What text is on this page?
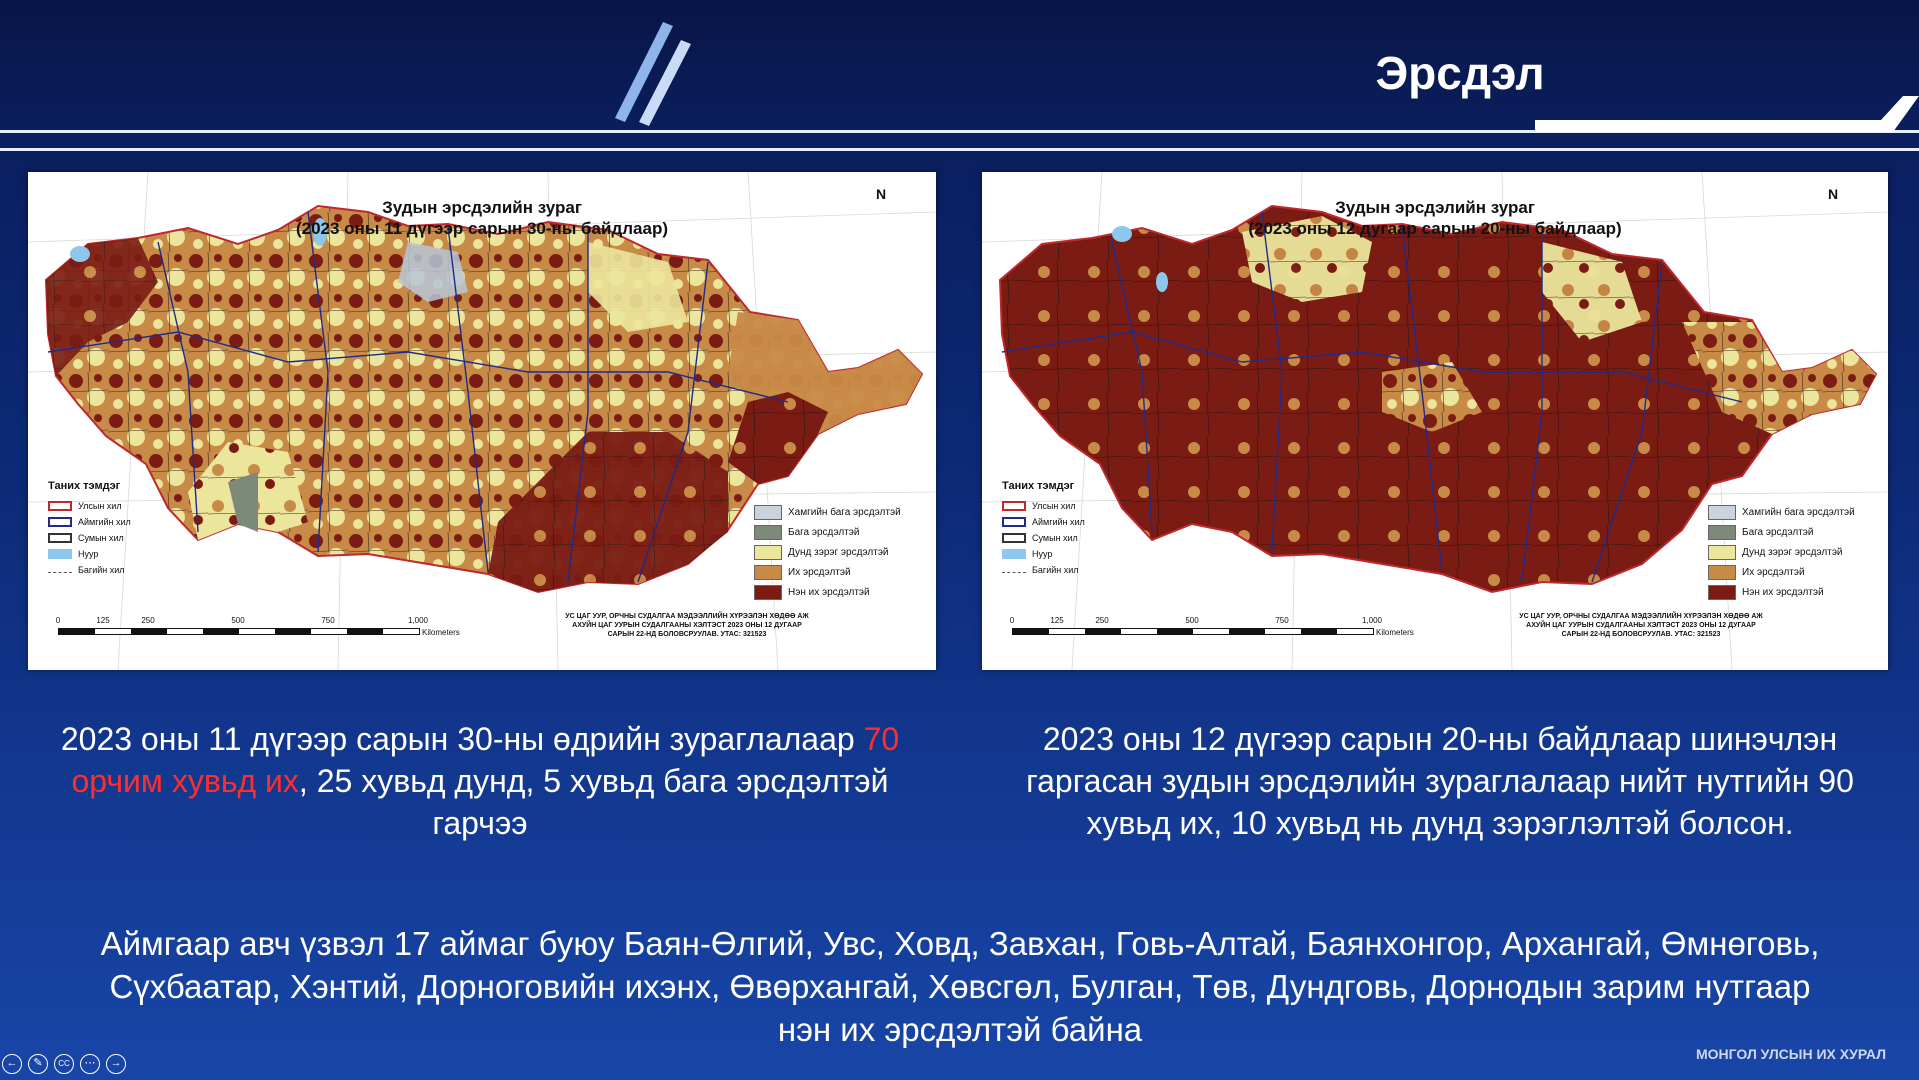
Эрсдэл
Зудын эрсдэлийн зураг
(2023 оны 11 дүгээр сарын 30-ны байдлаар)
N
Таних тэмдэг
Улсын хил
Аймгийн хил
Сумын хил
Нуур
Багийн хил
Хамгийн бага эрсдэлтэй
Бага эрсдэлтэй
Дунд зэрэг эрсдэлтэй
Их эрсдэлтэй
Нэн их эрсдэлтэй
0	125	250	500	750	1,000
Kilometers
УС ЦАГ УУР, ОРЧНЫ СУДАЛГАА МЭДЭЭЛЛИЙН ХҮРЭЭЛЭН ХӨДӨӨ АЖ АХУЙН ЦАГ УУРЫН СУДАЛГААНЫ ХЭЛТЭСТ 2023 ОНЫ 12 ДУГААР САРЫН 22-НД БОЛОВСРУУЛАВ. УТАС: 321523
Зудын эрсдэлийн зураг
(2023 оны 12 дугаар сарын 20-ны байдлаар)
N
Таних тэмдэг
Улсын хил
Аймгийн хил
Сумын хил
Нуур
Багийн хил
Хамгийн бага эрсдэлтэй
Бага эрсдэлтэй
Дунд зэрэг эрсдэлтэй
Их эрсдэлтэй
Нэн их эрсдэлтэй
0	125	250	500	750	1,000
Kilometers
УС ЦАГ УУР, ОРЧНЫ СУДАЛГАА МЭДЭЭЛЛИЙН ХҮРЭЭЛЭН ХӨДӨӨ АЖ АХУЙН ЦАГ УУРЫН СУДАЛГААНЫ ХЭЛТЭСТ 2023 ОНЫ 12 ДУГААР САРЫН 22-НД БОЛОВСРУУЛАВ. УТАС: 321523
2023 оны 11 дүгээр сарын 30-ны өдрийн зураглалаар 70 орчим хувьд их, 25 хувьд дунд, 5 хувьд бага эрсдэлтэй гарчээ
2023 оны 12 дүгээр сарын 20-ны байдлаар шинэчлэн гаргасан зудын эрсдэлийн зураглалаар нийт нутгийн 90 хувьд их, 10 хувьд нь дунд зэрэглэлтэй болсон.
Аймгаар авч үзвэл 17 аймаг буюу Баян-Өлгий, Увс, Ховд, Завхан, Говь-Алтай, Баянхонгор, Архангай, Өмнөговь, Сүхбаатар, Хэнтий, Дорноговийн ихэнх, Өвөрхангай, Хөвсгөл, Булган, Төв, Дундговь, Дорнодын зарим нутгаар нэн их эрсдэлтэй байна
МОНГОЛ УЛСЫН ИХ ХУРАЛ
←	✎	CC	⋯	→
